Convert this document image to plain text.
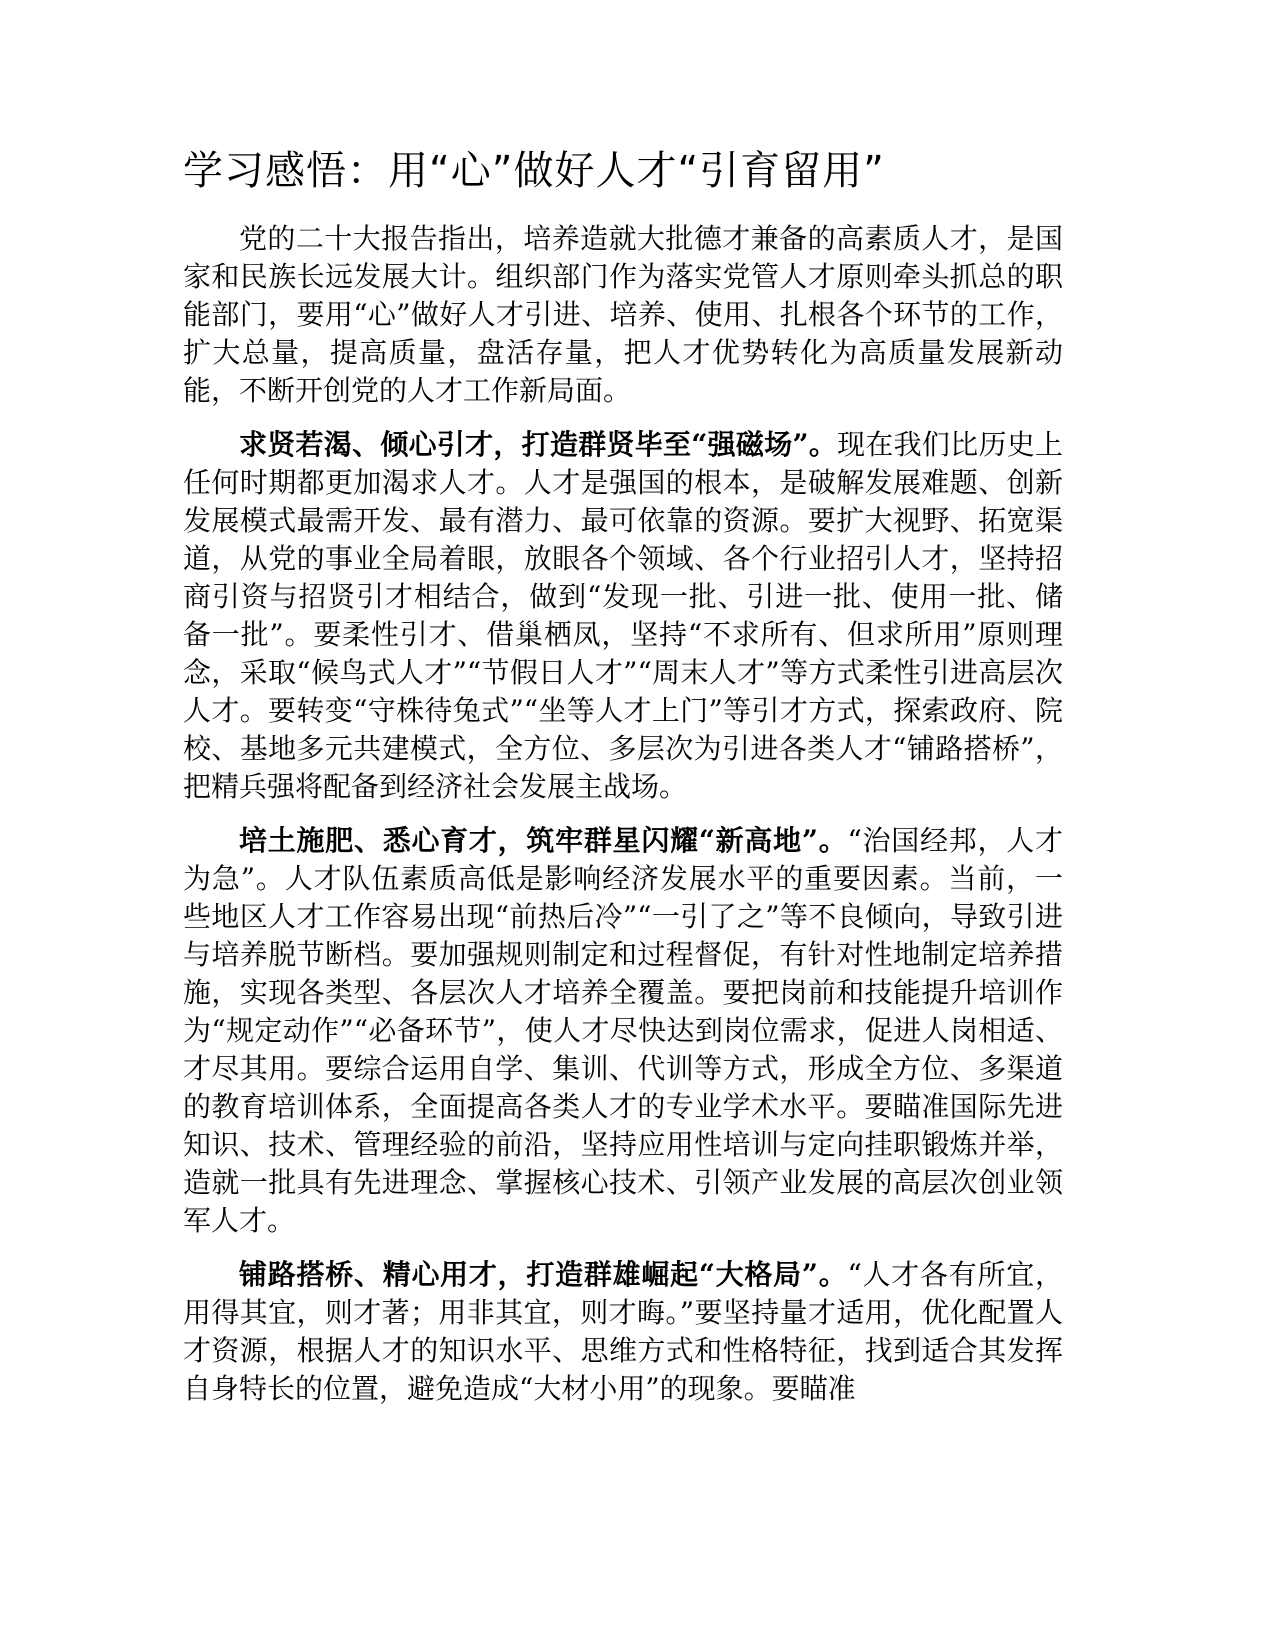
学习感悟：用“心”做好人才“引育留用”

党的二十大报告指出，培养造就大批德才兼备的高素质人才，是国家和民族长远发展大计。组织部门作为落实党管人才原则牵头抓总的职能部门，要用“心”做好人才引进、培养、使用、扎根各个环节的工作，扩大总量，提高质量，盘活存量，把人才优势转化为高质量发展新动能，不断开创党的人才工作新局面。

求贤若渴、倾心引才，打造群贤毕至“强磁场”。现在我们比历史上任何时期都更加渴求人才。人才是强国的根本，是破解发展难题、创新发展模式最需开发、最有潜力、最可依靠的资源。要扩大视野、拓宽渠道，从党的事业全局着眼，放眼各个领域、各个行业招引人才，坚持招商引资与招贤引才相结合，做到“发现一批、引进一批、使用一批、储备一批”。要柔性引才、借巢栖凤，坚持“不求所有、但求所用”原则理念，采取“候鸟式人才”“节假日人才”“周末人才”等方式柔性引进高层次人才。要转变“守株待兔式”“坐等人才上门”等引才方式，探索政府、院校、基地多元共建模式，全方位、多层次为引进各类人才“铺路搭桥”，把精兵强将配备到经济社会发展主战场。

培土施肥、悉心育才，筑牢群星闪耀“新高地”。“治国经邦，人才为急”。人才队伍素质高低是影响经济发展水平的重要因素。当前，一些地区人才工作容易出现“前热后冷”“一引了之”等不良倾向，导致引进与培养脱节断档。要加强规则制定和过程督促，有针对性地制定培养措施，实现各类型、各层次人才培养全覆盖。要把岗前和技能提升培训作为“规定动作”“必备环节”，使人才尽快达到岗位需求，促进人岗相适、才尽其用。要综合运用自学、集训、代训等方式，形成全方位、多渠道的教育培训体系，全面提高各类人才的专业学术水平。要瞄准国际先进知识、技术、管理经验的前沿，坚持应用性培训与定向挂职锻炼并举，造就一批具有先进理念、掌握核心技术、引领产业发展的高层次创业领军人才。

铺路搭桥、精心用才，打造群雄崛起“大格局”。“人才各有所宜，用得其宜，则才著；用非其宜，则才晦。”要坚持量才适用，优化配置人才资源，根据人才的知识水平、思维方式和性格特征，找到适合其发挥自身特长的位置，避免造成“大材小用”的现象。要瞄准
